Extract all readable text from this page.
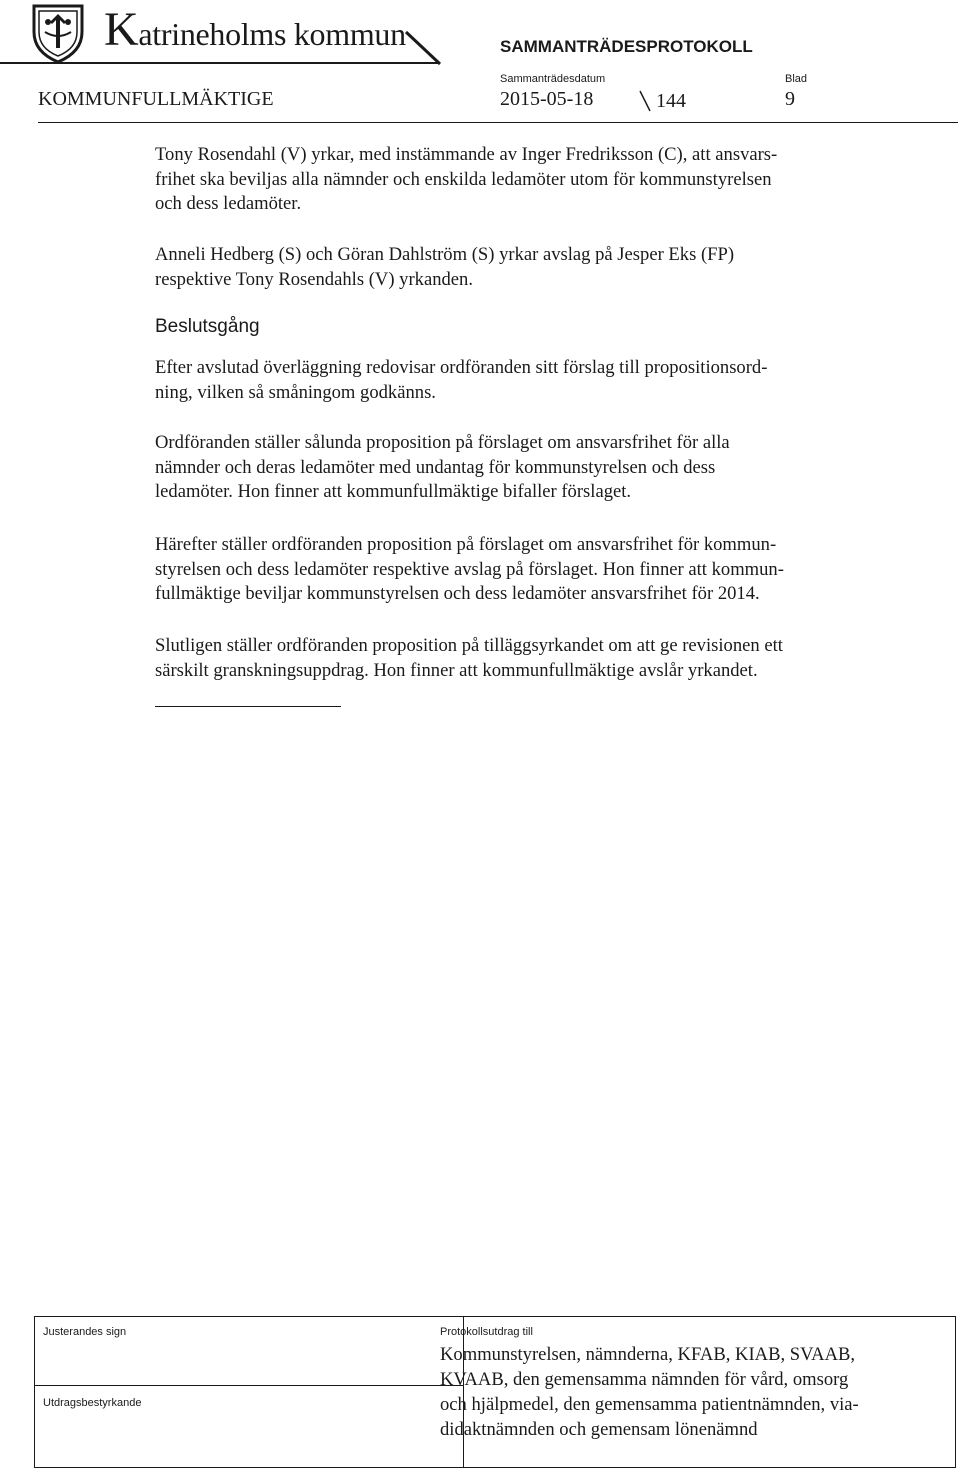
Katrineholms kommun	SAMMANTRÄDESPROTOKOLL
Sammanträdesdatum	Blad
KOMMUNFULLMÄKTIGE	2015-05-18	144	9

Tony Rosendahl (V) yrkar, med instämmande av Inger Fredriksson (C), att ansvars-
frihet ska beviljas alla nämnder och enskilda ledamöter utom för kommunstyrelsen
och dess ledamöter.

Anneli Hedberg (S) och Göran Dahlström (S) yrkar avslag på Jesper Eks (FP)
respektive Tony Rosendahls (V) yrkanden.

Beslutsgång

Efter avslutad överläggning redovisar ordföranden sitt förslag till propositionsord-
ning, vilken så småningom godkänns.

Ordföranden ställer sålunda proposition på förslaget om ansvarsfrihet för alla
nämnder och deras ledamöter med undantag för kommunstyrelsen och dess
ledamöter. Hon finner att kommunfullmäktige bifaller förslaget.

Härefter ställer ordföranden proposition på förslaget om ansvarsfrihet för kommun-
styrelsen och dess ledamöter respektive avslag på förslaget. Hon finner att kommun-
fullmäktige beviljar kommunstyrelsen och dess ledamöter ansvarsfrihet för 2014.

Slutligen ställer ordföranden proposition på tilläggsyrkandet om att ge revisionen ett
särskilt granskningsuppdrag. Hon finner att kommunfullmäktige avslår yrkandet.

Justerandes sign
Utdragsbestyrkande
Protokollsutdrag till
Kommunstyrelsen, nämnderna, KFAB, KIAB, SVAAB,
KVAAB, den gemensamma nämnden för vård, omsorg
och hjälpmedel, den gemensamma patientnämnden, via-
didaktnämnden och gemensam lönenämnd
